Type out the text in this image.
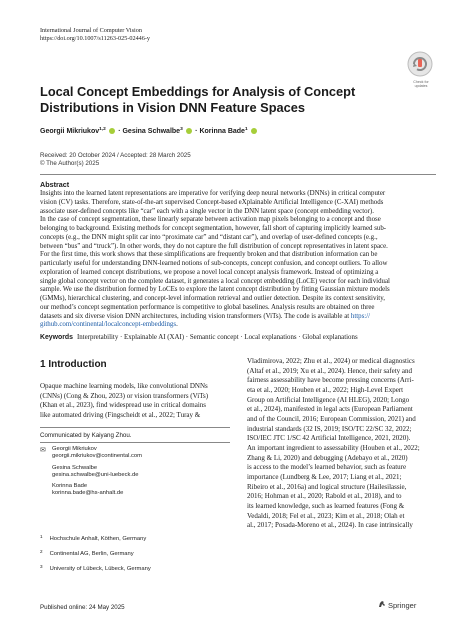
International Journal of Computer Vision
https://doi.org/10.1007/s11263-025-02446-y
Check for
updates
Local Concept Embeddings for Analysis of Concept Distributions in Vision DNN Feature Spaces
Georgii Mikriukov$^{1,2}$  · Gesina Schwalbe$^3$  · Korinna Bade$^1$
Received: 20 October 2024 / Accepted: 28 March 2025
© The Author(s) 2025
Abstract
Insights into the learned latent representations are imperative for verifying deep neural networks (DNNs) in critical computer
vision (CV) tasks. Therefore, state-of-the-art supervised Concept-based eXplainable Artificial Intelligence (C-XAI) methods
associate user-defined concepts like “car” each with a single vector in the DNN latent space (concept embedding vector).
In the case of concept segmentation, these linearly separate between activation map pixels belonging to a concept and those
belonging to background. Existing methods for concept segmentation, however, fall short of capturing implicitly learned sub-
concepts (e.g., the DNN might split car into “proximate car” and “distant car”), and overlap of user-defined concepts (e.g.,
between “bus” and “truck”). In other words, they do not capture the full distribution of concept representatives in latent space.
For the first time, this work shows that these simplifications are frequently broken and that distribution information can be
particularly useful for understanding DNN-learned notions of sub-concepts, concept confusion, and concept outliers. To allow
exploration of learned concept distributions, we propose a novel local concept analysis framework. Instead of optimizing a
single global concept vector on the complete dataset, it generates a local concept embedding (LoCE) vector for each individual
sample. We use the distribution formed by LoCEs to explore the latent concept distribution by fitting Gaussian mixture models
(GMMs), hierarchical clustering, and concept-level information retrieval and outlier detection. Despite its context sensitivity,
our method’s concept segmentation performance is competitive to global baselines. Analysis results are obtained on three
datasets and six diverse vision DNN architectures, including vision transformers (ViTs). The code is available at https://
github.com/continental/localconcept-embeddings.
Keywords Interpretability · Explainable AI (XAI) · Semantic concept · Local explanations · Global explanations
1 Introduction
Opaque machine learning models, like convolutional DNNs
(CNNs) (Cong & Zhou, 2023) or vision transformers (ViTs)
(Khan et al., 2023), find widespread use in critical domains
like automated driving (Fingscheidt et al., 2022; Turay &
Communicated by Kaiyang Zhou.
✉	Georgii Mikriukov
georgii.mikriukov@continental.com
Gesina Schwalbe
gesina.schwalbe@uni-luebeck.de
Korinna Bade
korinna.bade@hs-anhalt.de
$^1$ Hochschule Anhalt, Köthen, Germany
$^2$ Continental AG, Berlin, Germany
$^3$ University of Lübeck, Lübeck, Germany
Vladimirova, 2022; Zhu et al., 2024) or medical diagnostics
(Altaf et al., 2019; Xu et al., 2024). Hence, their safety and
fairness assessability have become pressing concerns (Arri-
eta et al., 2020; Houben et al., 2022; High-Level Expert
Group on Artificial Intelligence (AI HLEG), 2020; Longo
et al., 2024), manifested in legal acts (European Parliament
and of the Council, 2016; European Commission, 2021) and
industrial standards (32 IS, 2019; ISO/TC 22/SC 32, 2022;
ISO/IEC JTC 1/SC 42 Artificial Intelligence, 2021, 2020).
An important ingredient to assessability (Houben et al., 2022;
Zhang & Li, 2020) and debugging (Adebayo et al., 2020)
is access to the model’s learned behavior, such as feature
importance (Lundberg & Lee, 2017; Liang et al., 2021;
Ribeiro et al., 2016a) and logical structure (Hailesilassie,
2016; Hohman et al., 2020; Rabold et al., 2018), and to
its learned knowledge, such as learned features (Fong &
Vedaldi, 2018; Fel et al., 2023; Kim et al., 2018; Olah et
al., 2017; Posada-Moreno et al., 2024). In case intrinsically
Published online: 24 May 2025	Springer
